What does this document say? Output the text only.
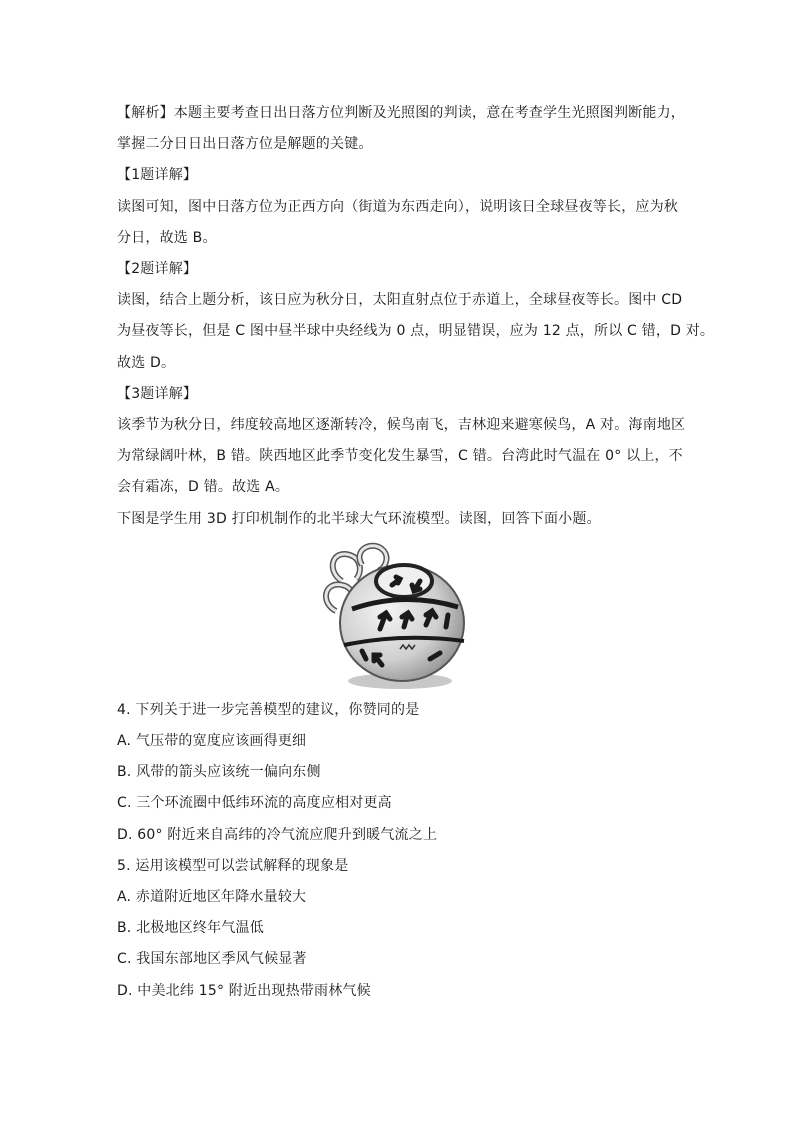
【解析】本题主要考查日出日落方位判断及光照图的判读，意在考查学生光照图判断能力，

掌握二分日日出日落方位是解题的关键。

【1题详解】

读图可知，图中日落方位为正西方向（街道为东西走向），说明该日全球昼夜等长，应为秋

分日，故选 B。

【2题详解】

读图，结合上题分析，该日应为秋分日，太阳直射点位于赤道上，全球昼夜等长。图中 CD

为昼夜等长，但是 C 图中昼半球中央经线为 0 点，明显错误，应为 12 点，所以 C 错，D 对。

故选 D。

【3题详解】

该季节为秋分日，纬度较高地区逐渐转冷，候鸟南飞，吉林迎来避寒候鸟，A 对。海南地区

为常绿阔叶林，B 错。陕西地区此季节变化发生暴雪，C 错。台湾此时气温在 0° 以上，不

会有霜冻，D 错。故选 A。

下图是学生用 3D 打印机制作的北半球大气环流模型。读图，回答下面小题。

4. 下列关于进一步完善模型的建议，你赞同的是

A. 气压带的宽度应该画得更细

B. 风带的箭头应该统一偏向东侧

C. 三个环流圈中低纬环流的高度应相对更高

D. 60° 附近来自高纬的冷气流应爬升到暖气流之上

5. 运用该模型可以尝试解释的现象是

A. 赤道附近地区年降水量较大

B. 北极地区终年气温低

C. 我国东部地区季风气候显著

D. 中美北纬 15° 附近出现热带雨林气候
